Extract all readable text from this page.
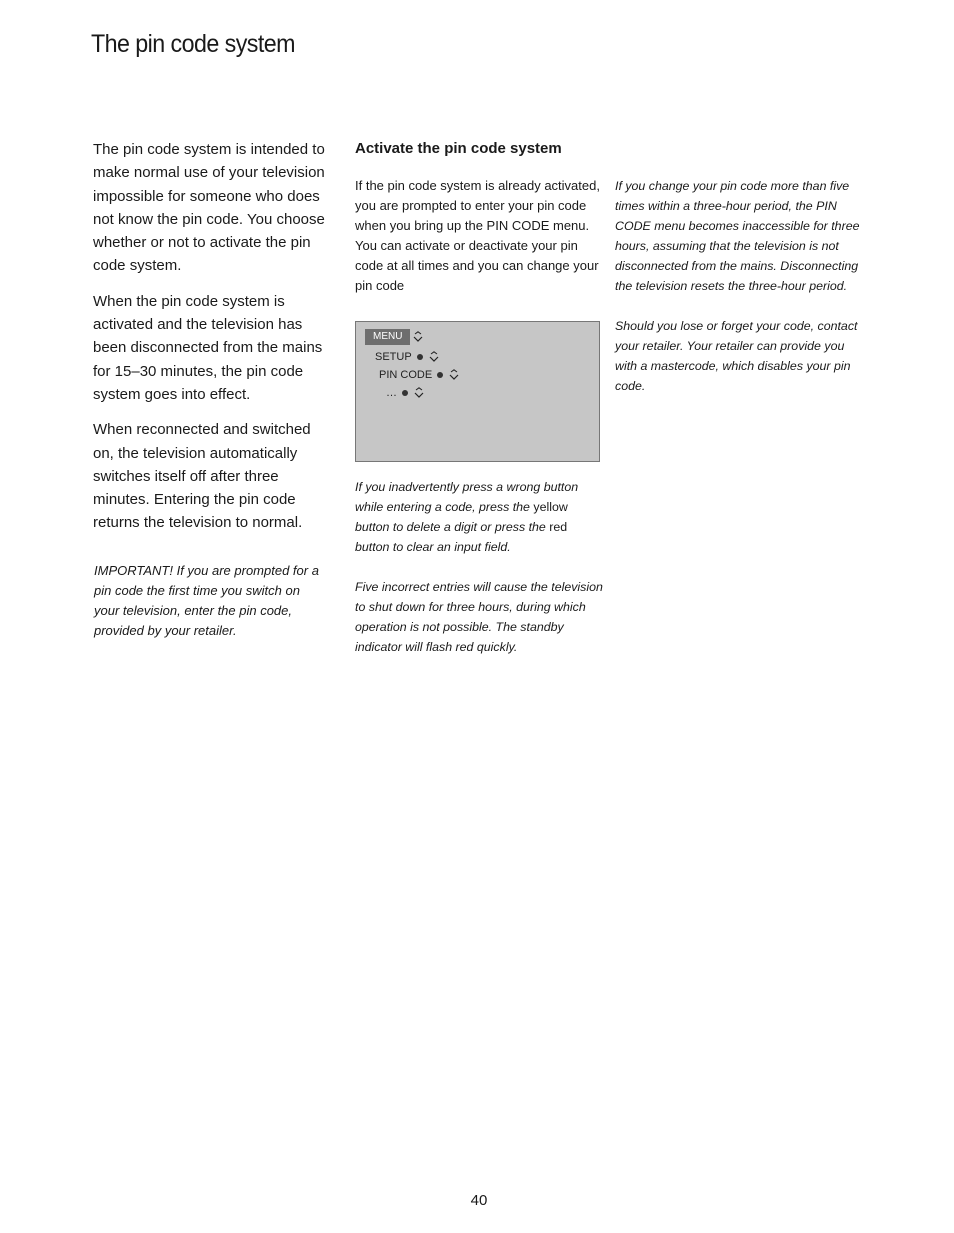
The pin code system

The pin code system is intended to make normal use of your television impossible for someone who does not know the pin code. You choose whether or not to activate the pin code system.

When the pin code system is activated and the television has been disconnected from the mains for 15–30 minutes, the pin code system goes into effect.

When reconnected and switched on, the television automatically switches itself off after three minutes. Entering the pin code returns the television to normal.

IMPORTANT! If you are prompted for a pin code the first time you switch on your television, enter the pin code, provided by your retailer.

Activate the pin code system

If the pin code system is already activated, you are prompted to enter your pin code when you bring up the PIN CODE menu. You can activate or deactivate your pin code at all times and you can change your pin code

MENU
SETUP
PIN CODE
…

If you inadvertently press a wrong button while entering a code, press the yellow button to delete a digit or press the red button to clear an input field.

Five incorrect entries will cause the television to shut down for three hours, during which operation is not possible. The standby indicator will flash red quickly.

If you change your pin code more than five times within a three-hour period, the PIN CODE menu becomes inaccessible for three hours, assuming that the television is not disconnected from the mains. Disconnecting the television resets the three-hour period.

Should you lose or forget your code, contact your retailer. Your retailer can provide you with a mastercode, which disables your pin code.

40
